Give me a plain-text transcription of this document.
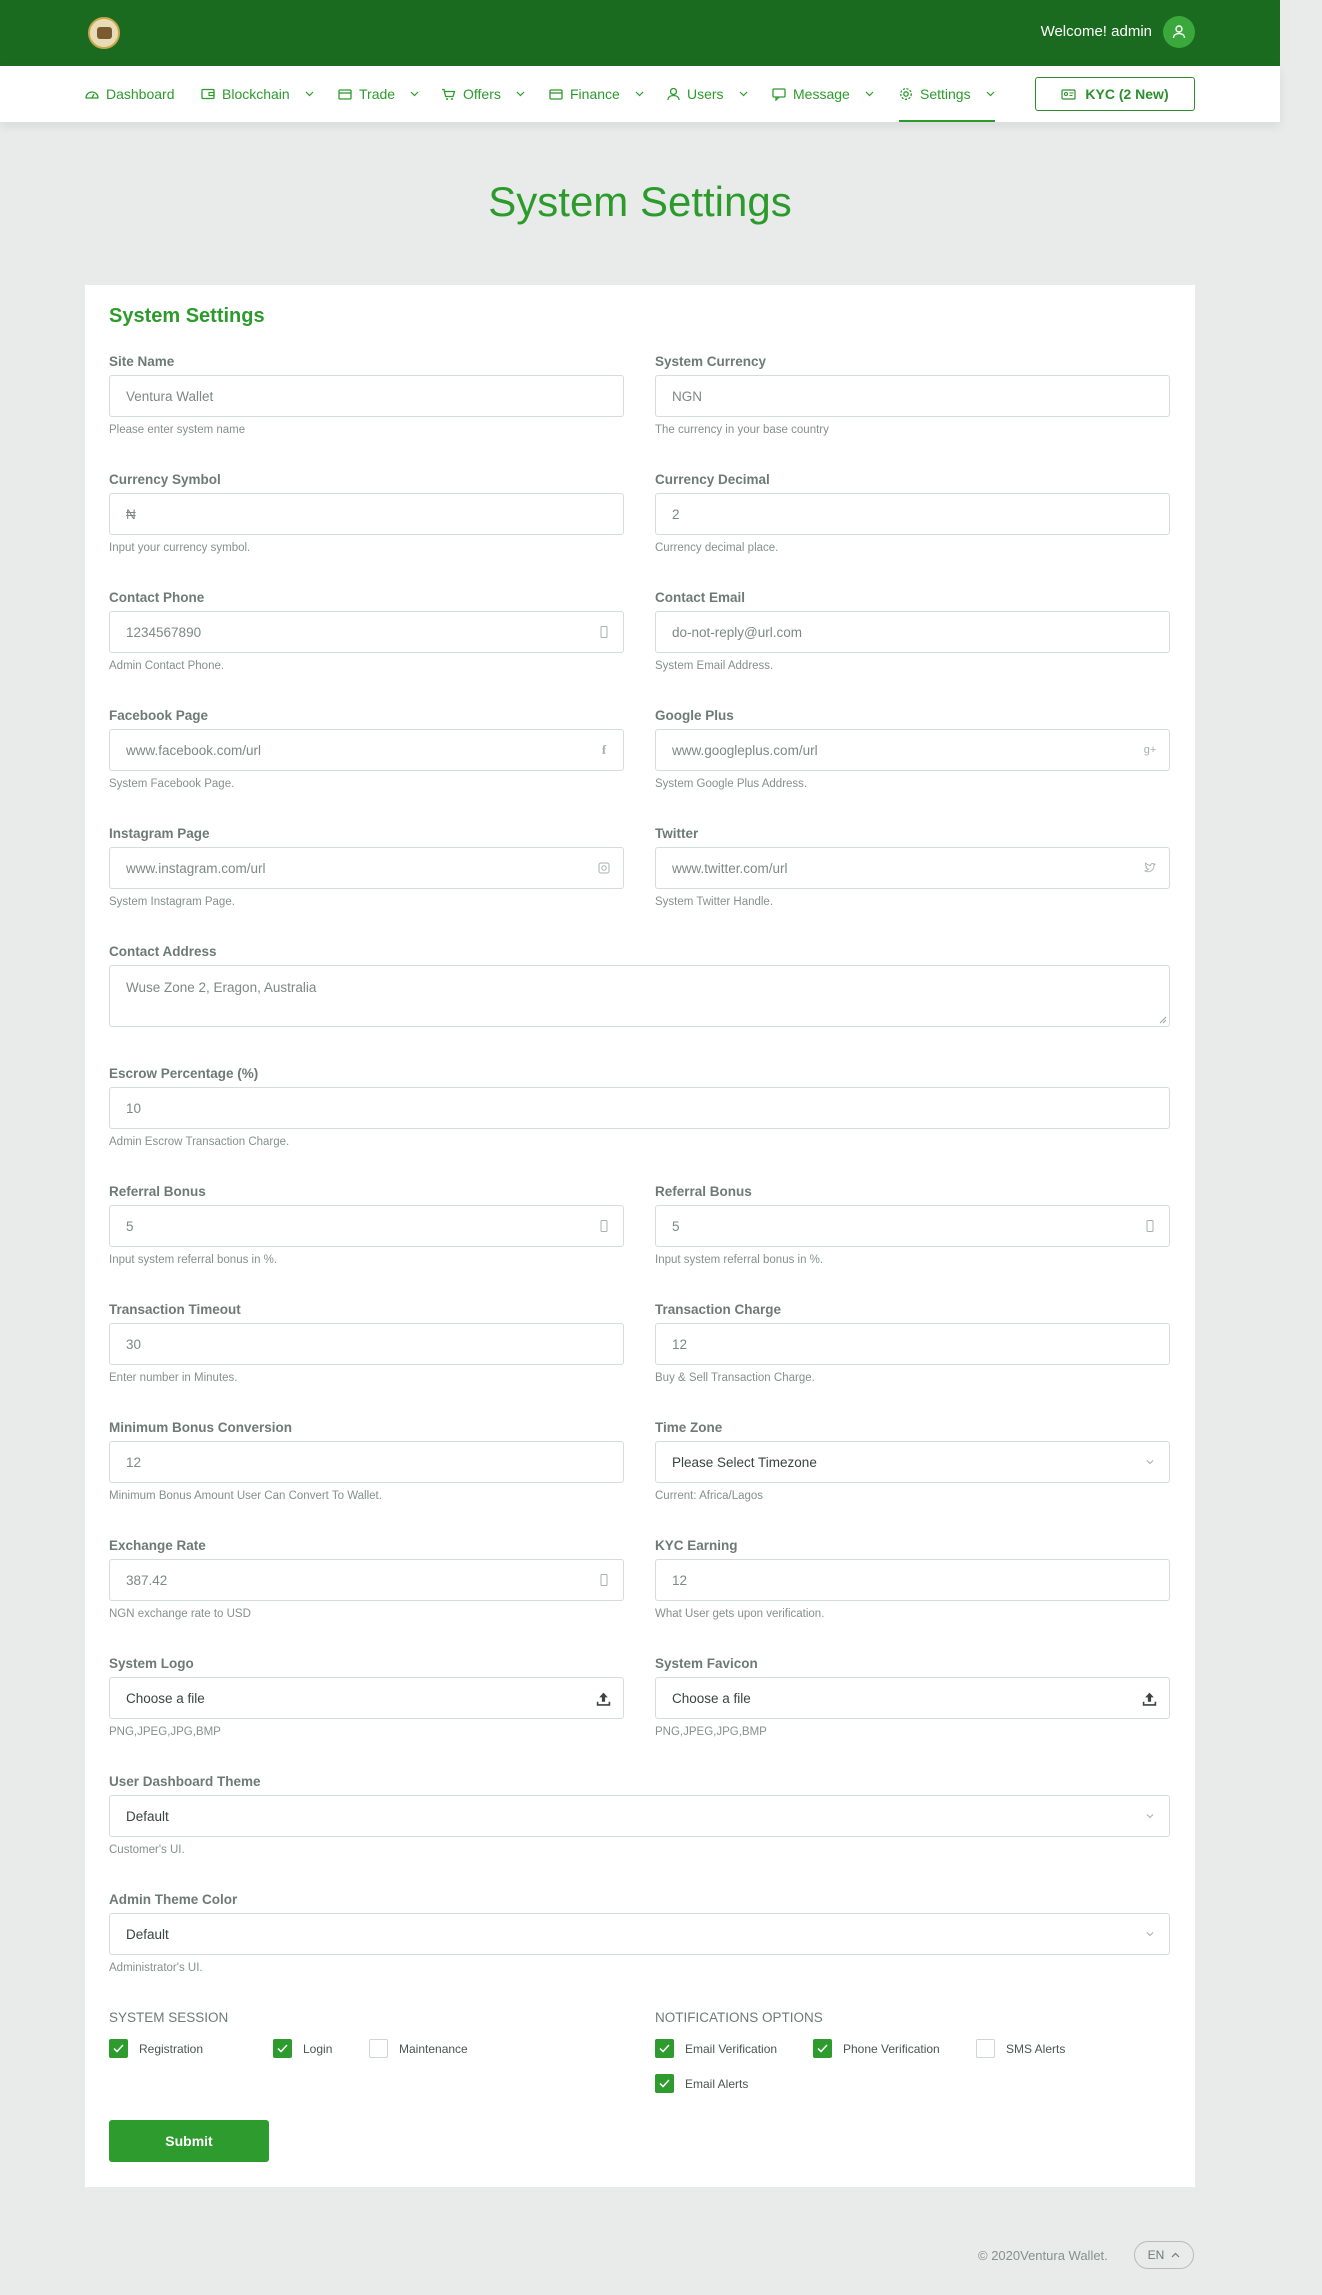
Welcome! admin
Dashboard	Blockchain	Trade	Offers	Finance	Users	Message	Settings	KYC (2 New)
System Settings
System Settings
Site Name
Ventura Wallet
Please enter system name
System Currency
NGN
The currency in your base country
Currency Symbol
₦
Input your currency symbol.
Currency Decimal
2
Currency decimal place.
Contact Phone
1234567890
Admin Contact Phone.
Contact Email
do-not-reply@url.com
System Email Address.
Facebook Page
www.facebook.com/url	f
System Facebook Page.
Google Plus
www.googleplus.com/url	g+
System Google Plus Address.
Instagram Page
www.instagram.com/url
System Instagram Page.
Twitter
www.twitter.com/url
System Twitter Handle.
Contact Address
Wuse Zone 2, Eragon, Australia
Escrow Percentage (%)
10
Admin Escrow Transaction Charge.
Referral Bonus
5
Input system referral bonus in %.
Referral Bonus
5
Input system referral bonus in %.
Transaction Timeout
30
Enter number in Minutes.
Transaction Charge
12
Buy & Sell Transaction Charge.
Minimum Bonus Conversion
12
Minimum Bonus Amount User Can Convert To Wallet.
Time Zone
Please Select Timezone
Current: Africa/Lagos
Exchange Rate
387.42
NGN exchange rate to USD
KYC Earning
12
What User gets upon verification.
System Logo
Choose a file
PNG,JPEG,JPG,BMP
System Favicon
Choose a file
PNG,JPEG,JPG,BMP
User Dashboard Theme
Default
Customer's UI.
Admin Theme Color
Default
Administrator's UI.
SYSTEM SESSION
Registration	Login	Maintenance
NOTIFICATIONS OPTIONS
Email Verification	Phone Verification	SMS Alerts
Email Alerts
Submit
© 2020Ventura Wallet.	EN
